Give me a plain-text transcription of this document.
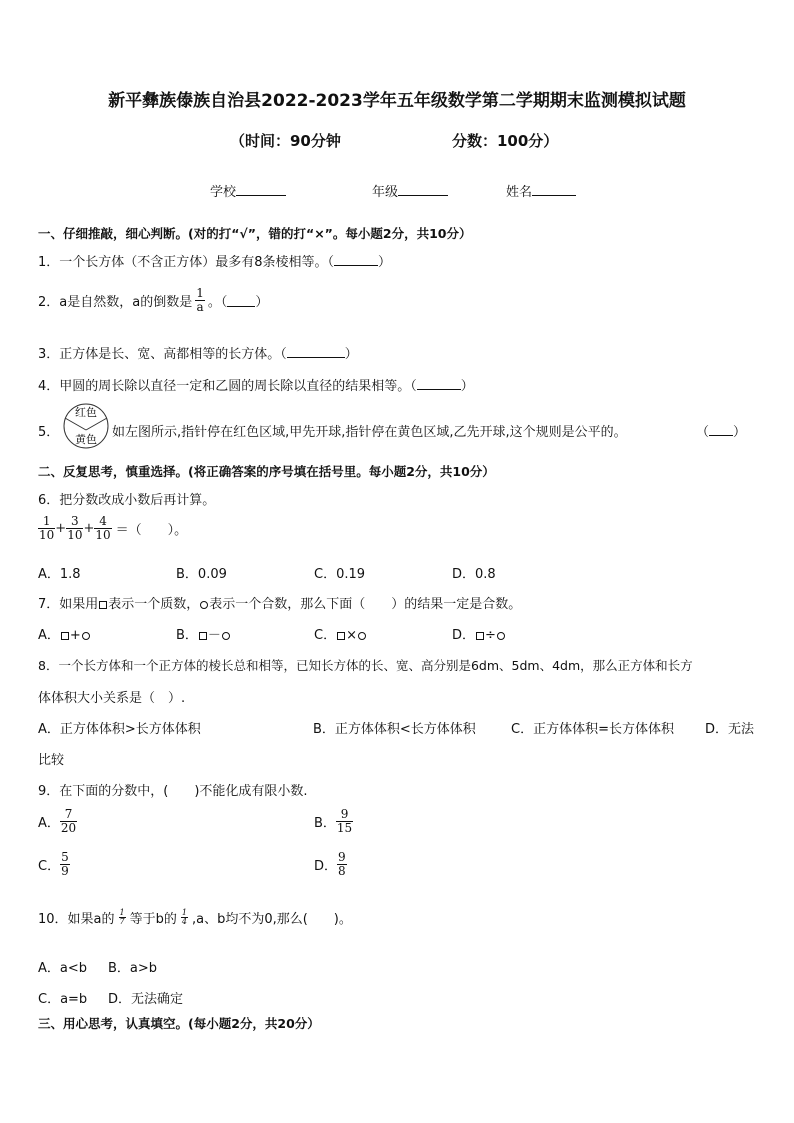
新平彝族傣族自治县2022-2023学年五年级数学第二学期期末监测模拟试题
（时间：90分钟	分数：100分）
学校	年级	姓名
一、仔细推敲，细心判断。(对的打“√”，错的打“×”。每小题2分，共10分）
1．一个长方体（不含正方体）最多有8条棱相等。（	）
2．a是自然数，a的倒数是 $\frac{1}{a}$ 。（ ）
3．正方体是长、宽、高都相等的长方体。（	）
4．甲圆的周长除以直径一定和乙圆的周长除以直径的结果相等。（	）
5．
红色
黄色 如左图所示,指针停在红色区域,甲先开球,指针停在黄色区域,乙先开球,这个规则是公平的。	（ ）
二、反复思考，慎重选择。(将正确答案的序号填在括号里。每小题2分，共10分）
6．把分数改成小数后再计算。
$\frac{1}{10} + \frac{3}{10} + \frac{4}{10}$ ＝（　　）。
A．1.8	B．0.09	C．0.19	D．0.8
7．如果用 表示一个质数， 表示一个合数，那么下面（　　）的结果一定是合数。
A． +	B． －	C． ×	D． ÷
8．一个长方体和一个正方体的棱长总和相等，已知长方体的长、宽、高分别是6dm、5dm、4dm，那么正方体和长方
体体积大小关系是（　）.
A．正方体体积>长方体体积	B．正方体体积<长方体体积	C．正方体体积=长方体体积 D．无法
比较
9．在下面的分数中，(　　)不能化成有限小数.
A． $\frac{7}{20}$	B． $\frac{9}{15}$
C． $\frac{5}{9}$	D． $\frac{9}{8}$
10．如果a的 $\frac{1}{7}$ 等于b的 $\frac{1}{4} ,a$、b均不为0,那么(　　)。
A．a<b B．a>b
C．a=b D．无法确定
三、用心思考，认真填空。(每小题2分，共20分）
